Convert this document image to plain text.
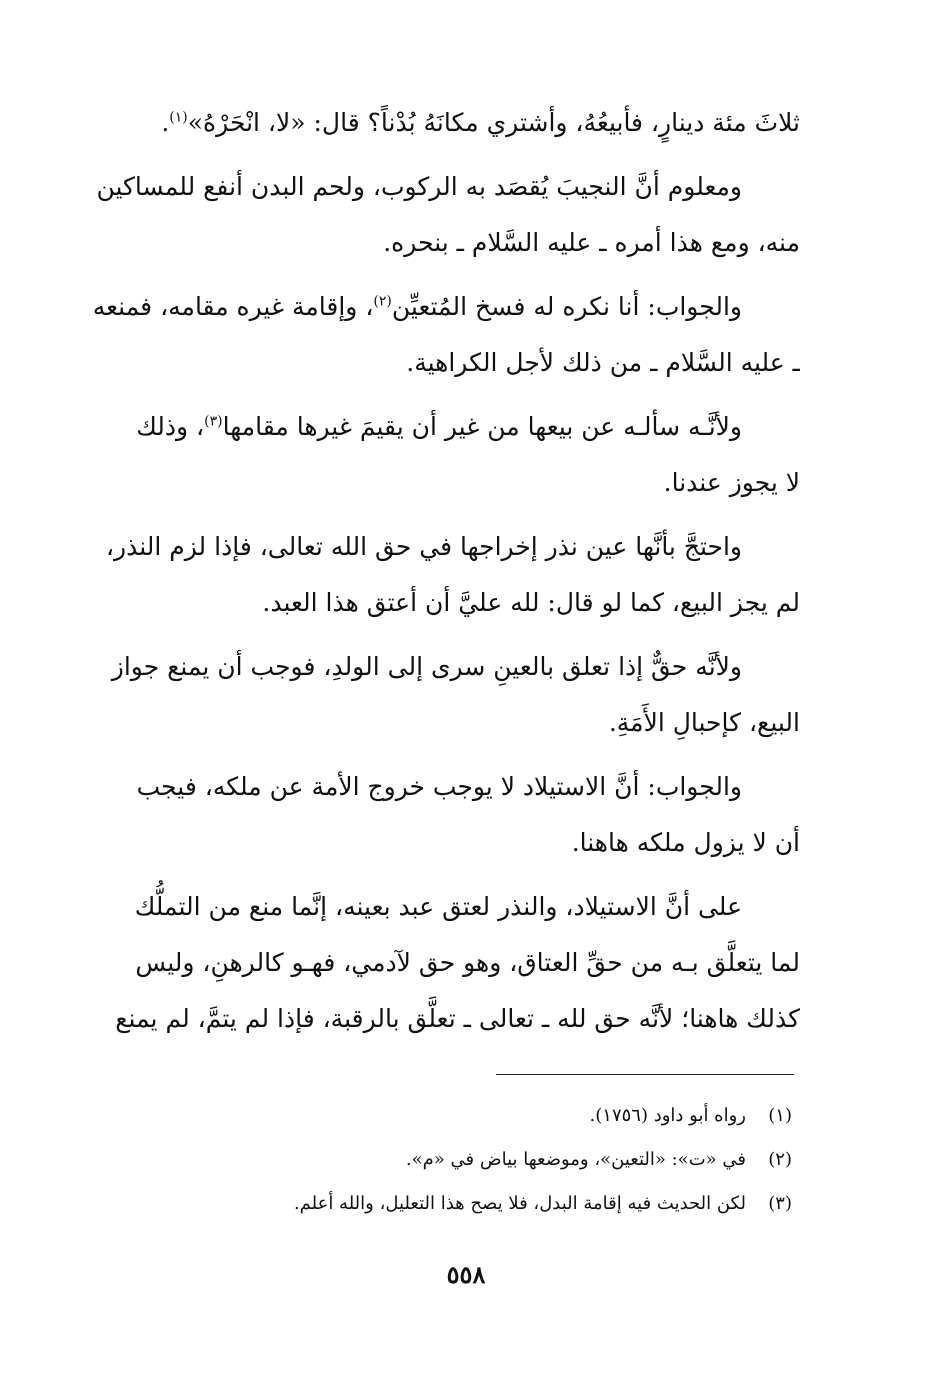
ثلاثَ مئة دينارٍ، فأبيعُهُ، وأشتري مكانَهُ بُدْناً؟ قال: «لا، انْحَرْهُ»$^{(١)}$.
ومعلوم أنَّ النجيبَ يُقصَد به الركوب، ولحم البدن أنفع للمساكين
منه، ومع هذا أمره ـ عليه السَّلام ـ بنحره.
والجواب: أنا نكره له فسخ المُتعيِّن$^{(٢)}$، وإقامة غيره مقامه، فمنعه
ـ عليه السَّلام ـ من ذلك لأجل الكراهية.
ولأنَّـه سألـه عن بيعها من غير أن يقيمَ غيرها مقامها$^{(٣)}$، وذلك
لا يجوز عندنا.
واحتجَّ بأنَّها عين نذر إخراجها في حق الله تعالى، فإذا لزم النذر،
لم يجز البيع، كما لو قال: لله عليَّ أن أعتق هذا العبد.
ولأنَّه حقٌّ إذا تعلق بالعينِ سرى إلى الولدِ، فوجب أن يمنع جواز
البيع، كإحبالِ الأَمَةِ.
والجواب: أنَّ الاستيلاد لا يوجب خروج الأمة عن ملكه، فيجب
أن لا يزول ملكه هاهنا.
على أنَّ الاستيلاد، والنذر لعتق عبد بعينه، إنَّما منع من التملُّك
لما يتعلَّق بـه من حقِّ العتاق، وهو حق لآدمي، فهـو كالرهنِ، وليس
كذلك هاهنا؛ لأنَّه حق لله ـ تعالى ـ تعلَّق بالرقبة، فإذا لم يتمَّ، لم يمنع
(١)رواه أبو داود (١٧٥٦).
(٢)في «ت»: «التعين»، وموضعها بياض في «م».
(٣)لكن الحديث فيه إقامة البدل، فلا يصح هذا التعليل، والله أعلم.
٥٥٨
